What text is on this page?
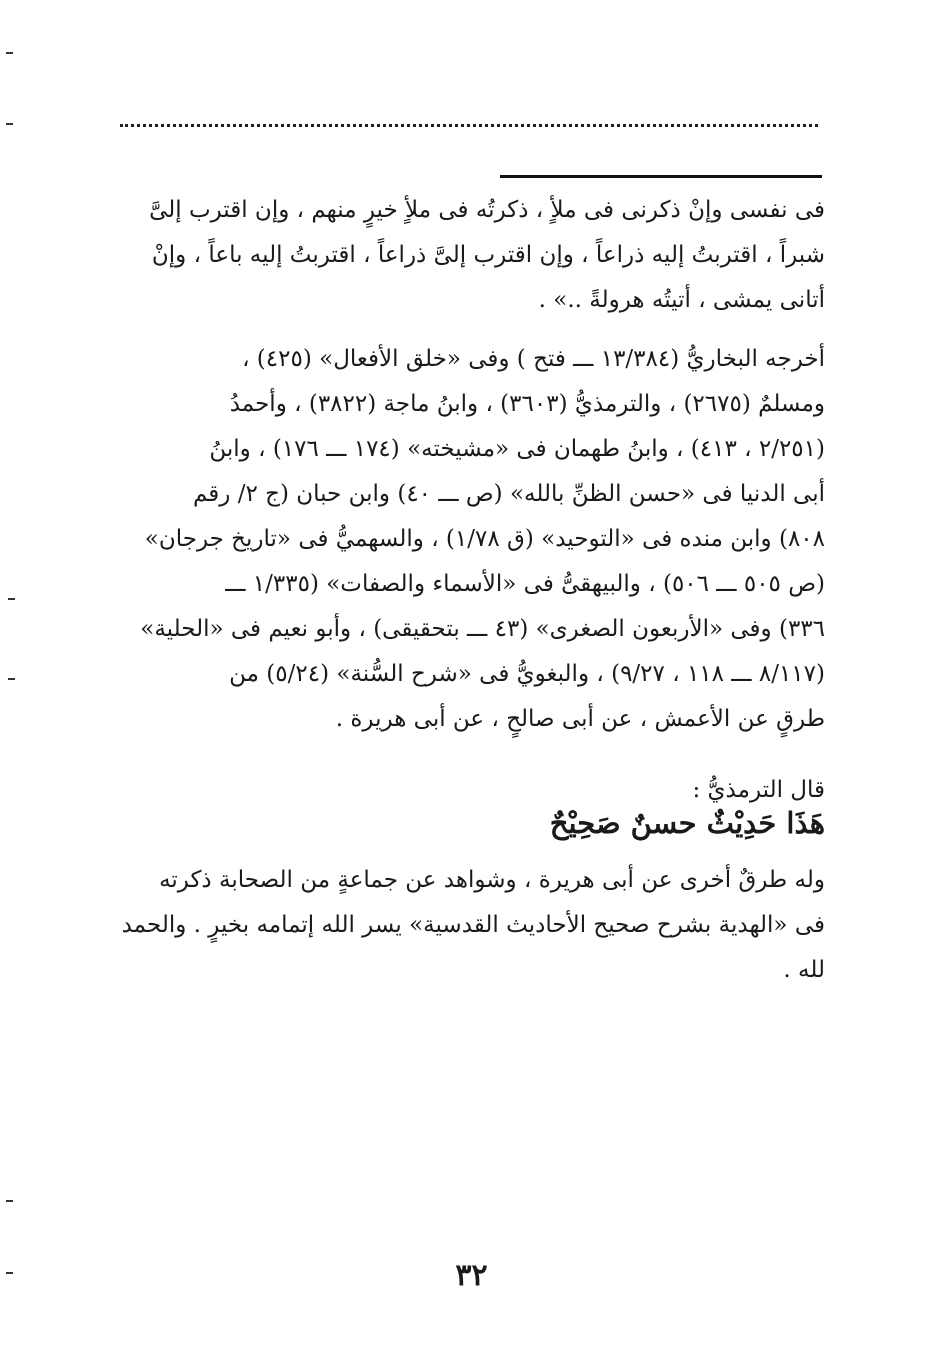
فى نفسى وإنْ ذكرنى فى ملأٍ ، ذكرتُه فى ملأٍ خيرٍ منهم ، وإن اقترب إلىَّ
شبراً ، اقتربتُ إليه ذراعاً ، وإن اقترب إلىَّ ذراعاً ، اقتربتُ إليه باعاً ، وإنْ
أتانى يمشى ، أتيتُه هرولةً ..» .
أخرجه البخاريُّ (١٣/٣٨٤ ـــ فتح ) وفى «خلق الأفعال» (٤٢٥) ،
ومسلمٌ (٢٦٧٥) ، والترمذيُّ (٣٦٠٣) ، وابنُ ماجة (٣٨٢٢) ، وأحمدُ
(٢/٢٥١ ، ٤١٣) ، وابنُ طهمان فى «مشيخته» (١٧٤ ـــ ١٧٦) ، وابنُ
أبى الدنيا فى «حسن الظنِّ بالله» (ص ـــ ٤٠) وابن حبان (ج ٢/ رقم
٨٠٨) وابن منده فى «التوحيد» (ق ١/٧٨) ، والسهميُّ فى «تاريخ جرجان»
(ص ٥٠٥ ـــ ٥٠٦) ، والبيهقىُّ فى «الأسماء والصفات» (١/٣٣٥ ـــ
٣٣٦) وفى «الأربعون الصغرى» (٤٣ ـــ بتحقيقى) ، وأبو نعيم فى «الحلية»
(٨/١١٧ ـــ ١١٨ ، ٩/٢٧) ، والبغويُّ فى «شرح السُّنة» (٥/٢٤) من
طرقٍ عن الأعمش ، عن أبى صالحٍ ، عن أبى هريرة .
قال الترمذيُّ :
هَذَا حَدِيْثٌ حسنٌ صَحِيْحٌ
وله طرقٌ أخرى عن أبى هريرة ، وشواهد عن جماعةٍ من الصحابة ذكرته
فى «الهدية بشرح صحيح الأحاديث القدسية» يسر الله إتمامه بخيرٍ . والحمد
لله .
٣٢
